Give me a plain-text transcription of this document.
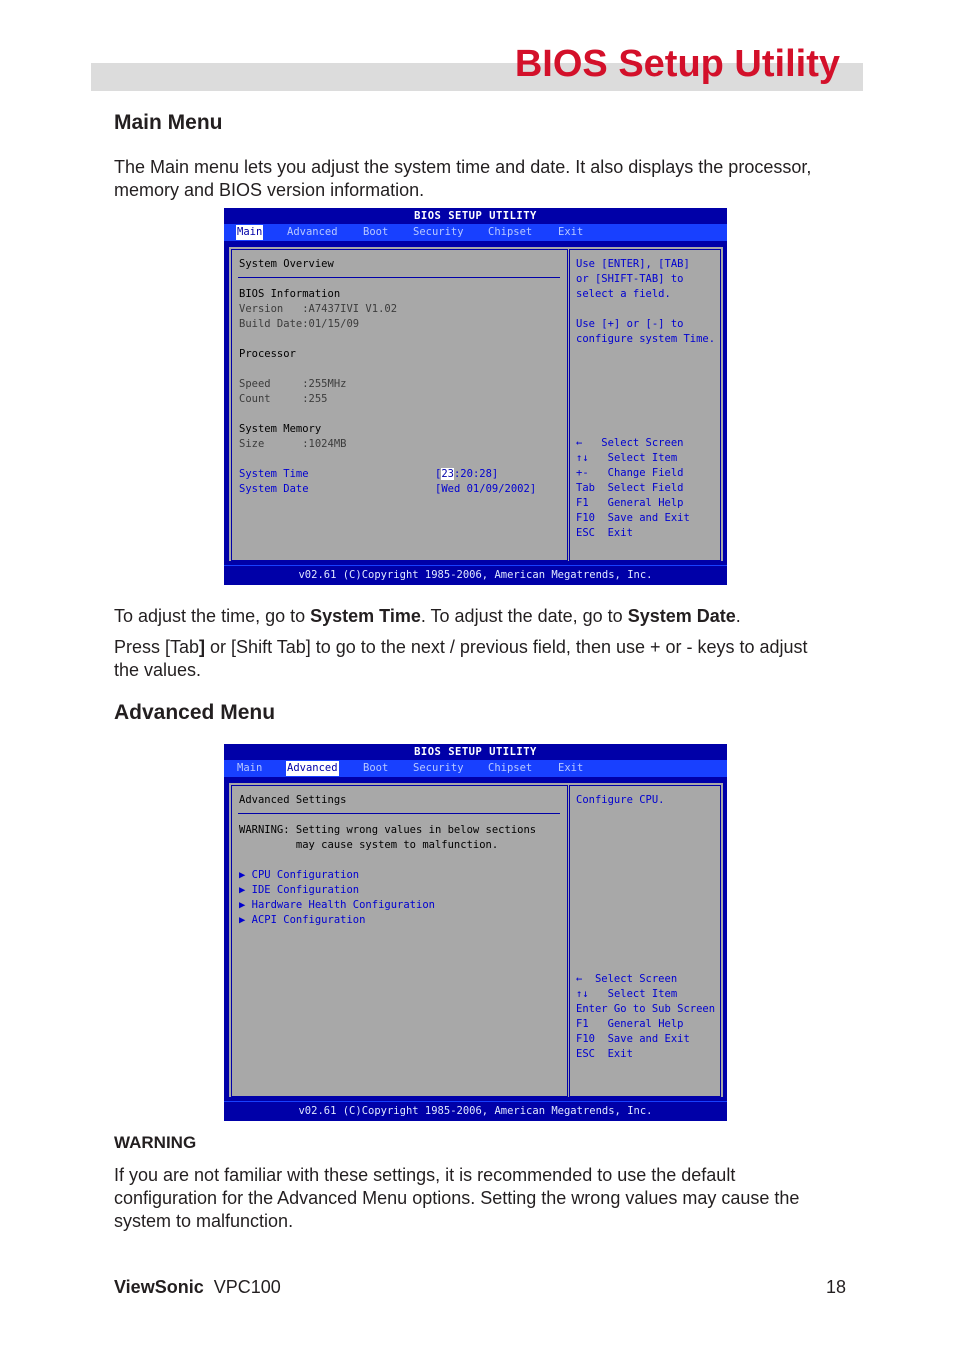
BIOS Setup Utility
Main Menu
The Main menu lets you adjust the system time and date. It also displays the processor, memory and BIOS version information.
BIOS SETUP UTILITY
Main Advanced Boot Security Chipset Exit
System Overview
BIOS Information
Version   :A7437IVI V1.02
Build Date:01/15/09
Processor
Speed     :255MHz
Count     :255
System Memory
Size      :1024MB
System Time	[23:20:28]
System Date	[Wed 01/09/2002]
Use [ENTER], [TAB]
or [SHIFT-TAB] to
select a field.
Use [+] or [-] to
configure system Time.
←   Select Screen
↑↓   Select Item
+-   Change Field
Tab  Select Field
F1   General Help
F10  Save and Exit
ESC  Exit
v02.61 (C)Copyright 1985-2006, American Megatrends, Inc.
To adjust the time, go to System Time. To adjust the date, go to System Date.
Press [Tab] or [Shift Tab] to go to the next / previous field, then use + or - keys to adjust the values.
Advanced Menu
BIOS SETUP UTILITY
Main Advanced Boot Security Chipset Exit
Advanced Settings
WARNING: Setting wrong values in below sections
may cause system to malfunction.
▶ CPU Configuration
▶ IDE Configuration
▶ Hardware Health Configuration
▶ ACPI Configuration
Configure CPU.
←  Select Screen
↑↓   Select Item
Enter Go to Sub Screen
F1   General Help
F10  Save and Exit
ESC  Exit
v02.61 (C)Copyright 1985-2006, American Megatrends, Inc.
WARNING
If you are not familiar with these settings, it is recommended to use the default configuration for the Advanced Menu options. Setting the wrong values may cause the system to malfunction.
ViewSonic VPC100	18
